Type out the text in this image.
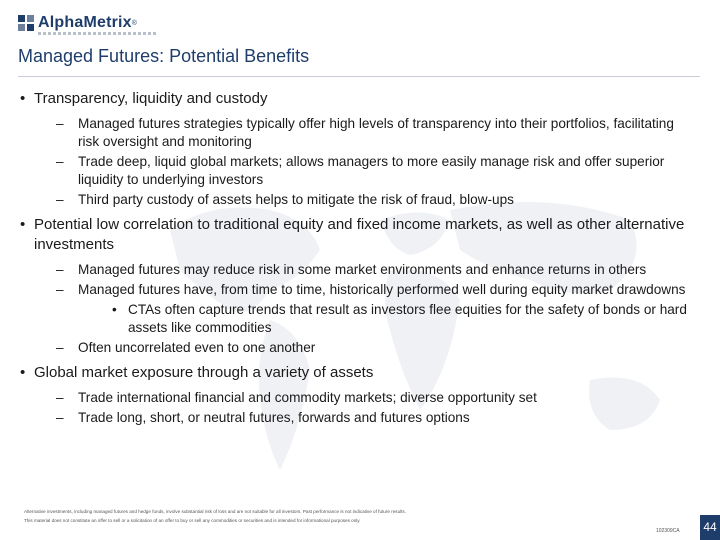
AlphaMetrix ®
Managed Futures: Potential Benefits
• Transparency, liquidity and custody
– Managed futures strategies typically offer high levels of transparency into their portfolios, facilitating risk oversight and monitoring
– Trade deep, liquid global markets; allows managers to more easily manage risk and offer superior liquidity to underlying investors
– Third party custody of assets helps to mitigate the risk of fraud, blow-ups
• Potential low correlation to traditional equity and fixed income markets, as well as other alternative investments
– Managed futures may reduce risk in some market environments and enhance returns in others
– Managed futures have, from time to time, historically performed well during equity market drawdowns
• CTAs often capture trends that result as investors flee equities for the safety of bonds or hard assets like commodities
– Often uncorrelated even to one another
• Global market exposure through a variety of assets
– Trade international financial and commodity markets; diverse opportunity set
– Trade long, short, or neutral futures, forwards and futures options
Alternative investments, including managed futures and hedge funds, involve substantial risk of loss and are not suitable for all investors. Past performance is not indicative of future results.
This material does not constitute an offer to sell or a solicitation of an offer to buy or sell any commodities or securities and is intended for informational purposes only.
102309CA 44
